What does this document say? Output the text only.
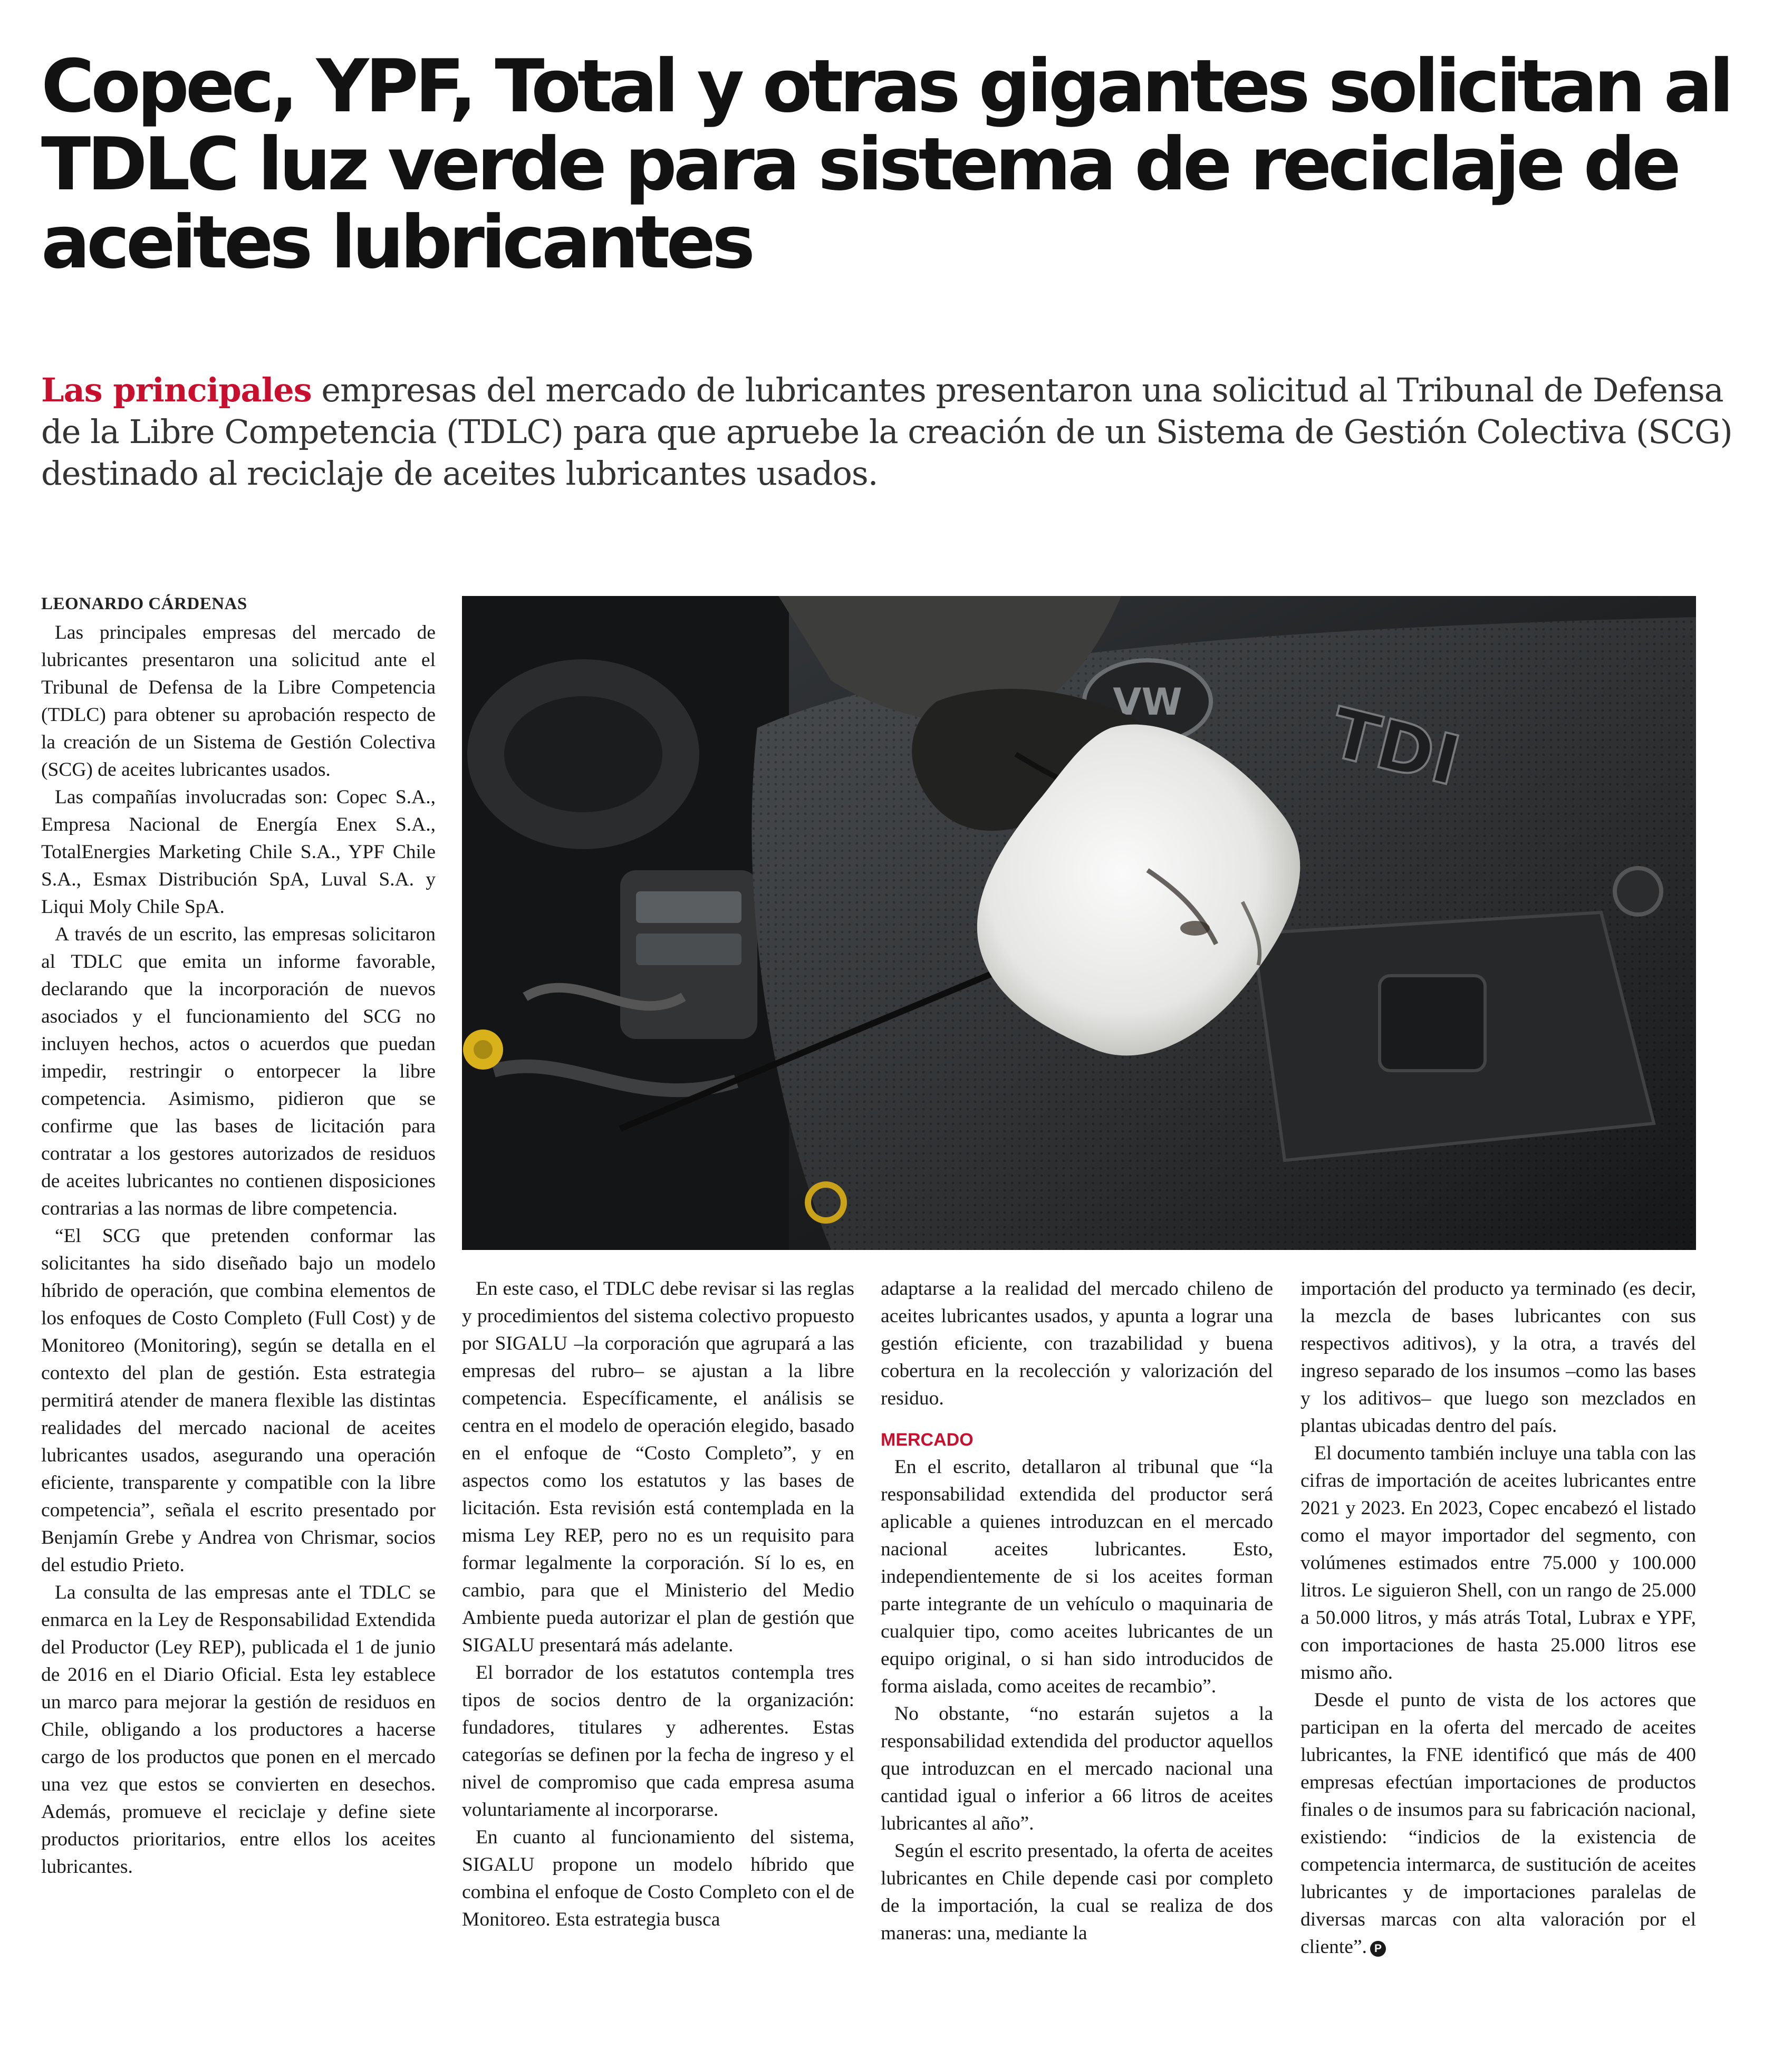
Copec, YPF, Total y otras gigantes solicitan al TDLC luz verde para sistema de reciclaje de aceites lubricantes

Las principales empresas del mercado de lubricantes presentaron una solicitud al Tribunal de Defensa de la Libre Competencia (TDLC) para que apruebe la creación de un Sistema de Gestión Colectiva (SCG) destinado al reciclaje de aceites lubricantes usados.

LEONARDO CÁRDENAS

Las principales empresas del mercado de lubricantes presentaron una solicitud ante el Tribunal de Defensa de la Libre Competencia (TDLC) para obtener su aprobación respecto de la creación de un Sistema de Gestión Colectiva (SCG) de aceites lubricantes usados.

Las compañías involucradas son: Copec S.A., Empresa Nacional de Energía Enex S.A., TotalEnergies Marketing Chile S.A., YPF Chile S.A., Esmax Distribución SpA, Luval S.A. y Liqui Moly Chile SpA.

A través de un escrito, las empresas solicitaron al TDLC que emita un informe favorable, declarando que la incorporación de nuevos asociados y el funcionamiento del SCG no incluyen hechos, actos o acuerdos que puedan impedir, restringir o entorpecer la libre competencia. Asimismo, pidieron que se confirme que las bases de licitación para contratar a los gestores autorizados de residuos de aceites lubricantes no contienen disposiciones contrarias a las normas de libre competencia.

“El SCG que pretenden conformar las solicitantes ha sido diseñado bajo un modelo híbrido de operación, que combina elementos de los enfoques de Costo Completo (Full Cost) y de Monitoreo (Monitoring), según se detalla en el contexto del plan de gestión. Esta estrategia permitirá atender de manera flexible las distintas realidades del mercado nacional de aceites lubricantes usados, asegurando una operación eficiente, transparente y compatible con la libre competencia”, señala el escrito presentado por Benjamín Grebe y Andrea von Chrismar, socios del estudio Prieto.

La consulta de las empresas ante el TDLC se enmarca en la Ley de Responsabilidad Extendida del Productor (Ley REP), publicada el 1 de junio de 2016 en el Diario Oficial. Esta ley establece un marco para mejorar la gestión de residuos en Chile, obligando a los productores a hacerse cargo de los productos que ponen en el mercado una vez que estos se convierten en desechos. Además, promueve el reciclaje y define siete productos prioritarios, entre ellos los aceites lubricantes.

VW TDI

En este caso, el TDLC debe revisar si las reglas y procedimientos del sistema colectivo propuesto por SIGALU –la corporación que agrupará a las empresas del rubro– se ajustan a la libre competencia. Específicamente, el análisis se centra en el modelo de operación elegido, basado en el enfoque de “Costo Completo”, y en aspectos como los estatutos y las bases de licitación. Esta revisión está contemplada en la misma Ley REP, pero no es un requisito para formar legalmente la corporación. Sí lo es, en cambio, para que el Ministerio del Medio Ambiente pueda autorizar el plan de gestión que SIGALU presentará más adelante.

El borrador de los estatutos contempla tres tipos de socios dentro de la organización: fundadores, titulares y adherentes. Estas categorías se definen por la fecha de ingreso y el nivel de compromiso que cada empresa asuma voluntariamente al incorporarse.

En cuanto al funcionamiento del sistema, SIGALU propone un modelo híbrido que combina el enfoque de Costo Completo con el de Monitoreo. Esta estrategia busca

adaptarse a la realidad del mercado chileno de aceites lubricantes usados, y apunta a lograr una gestión eficiente, con trazabilidad y buena cobertura en la recolección y valorización del residuo.

MERCADO

En el escrito, detallaron al tribunal que “la responsabilidad extendida del productor será aplicable a quienes introduzcan en el mercado nacional aceites lubricantes. Esto, independientemente de si los aceites forman parte integrante de un vehículo o maquinaria de cualquier tipo, como aceites lubricantes de un equipo original, o si han sido introducidos de forma aislada, como aceites de recambio”.

No obstante, “no estarán sujetos a la responsabilidad extendida del productor aquellos que introduzcan en el mercado nacional una cantidad igual o inferior a 66 litros de aceites lubricantes al año”.

Según el escrito presentado, la oferta de aceites lubricantes en Chile depende casi por completo de la importación, la cual se realiza de dos maneras: una, mediante la

importación del producto ya terminado (es decir, la mezcla de bases lubricantes con sus respectivos aditivos), y la otra, a través del ingreso separado de los insumos –como las bases y los aditivos– que luego son mezclados en plantas ubicadas dentro del país.

El documento también incluye una tabla con las cifras de importación de aceites lubricantes entre 2021 y 2023. En 2023, Copec encabezó el listado como el mayor importador del segmento, con volúmenes estimados entre 75.000 y 100.000 litros. Le siguieron Shell, con un rango de 25.000 a 50.000 litros, y más atrás Total, Lubrax e YPF, con importaciones de hasta 25.000 litros ese mismo año.

Desde el punto de vista de los actores que participan en la oferta del mercado de aceites lubricantes, la FNE identificó que más de 400 empresas efectúan importaciones de productos finales o de insumos para su fabricación nacional, existiendo: “indicios de la existencia de competencia intermarca, de sustitución de aceites lubricantes y de importaciones paralelas de diversas marcas con alta valoración por el cliente”. P
